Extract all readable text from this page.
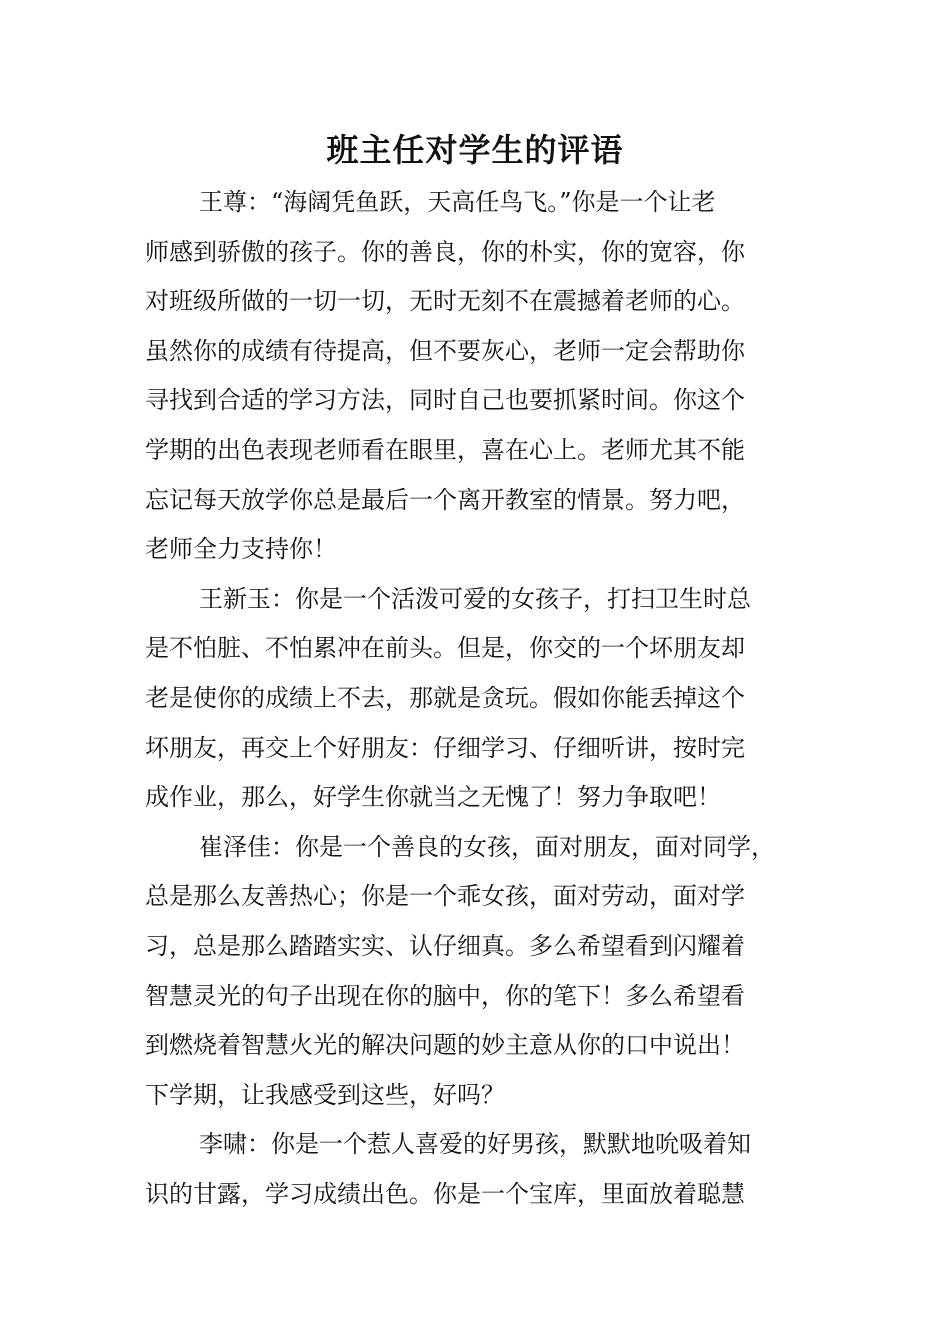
班主任对学生的评语
王尊：“海阔凭鱼跃，天高任鸟飞。”你是一个让老
师感到骄傲的孩子。你的善良，你的朴实，你的宽容，你
对班级所做的一切一切，无时无刻不在震撼着老师的心。
虽然你的成绩有待提高，但不要灰心，老师一定会帮助你
寻找到合适的学习方法，同时自己也要抓紧时间。你这个
学期的出色表现老师看在眼里，喜在心上。老师尤其不能
忘记每天放学你总是最后一个离开教室的情景。努力吧，
老师全力支持你！
王新玉：你是一个活泼可爱的女孩子，打扫卫生时总
是不怕脏、不怕累冲在前头。但是，你交的一个坏朋友却
老是使你的成绩上不去，那就是贪玩。假如你能丢掉这个
坏朋友，再交上个好朋友：仔细学习、仔细听讲，按时完
成作业，那么，好学生你就当之无愧了！努力争取吧！
崔泽佳：你是一个善良的女孩，面对朋友，面对同学，
总是那么友善热心；你是一个乖女孩，面对劳动，面对学
习，总是那么踏踏实实、认仔细真。多么希望看到闪耀着
智慧灵光的句子出现在你的脑中，你的笔下！多么希望看
到燃烧着智慧火光的解决问题的妙主意从你的口中说出！
下学期，让我感受到这些，好吗？
李啸：你是一个惹人喜爱的好男孩，默默地吮吸着知
识的甘露，学习成绩出色。你是一个宝库，里面放着聪慧
